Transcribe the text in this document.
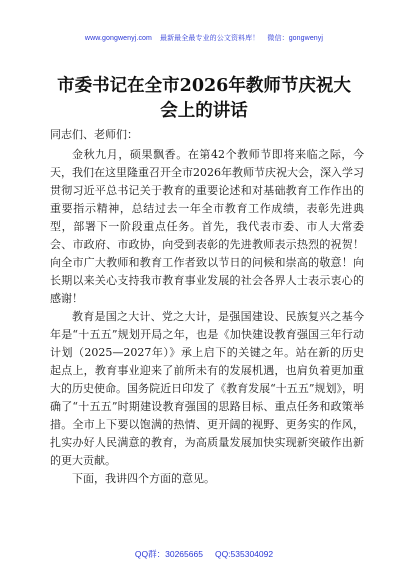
www.gongwenyj.com 最新最全最专业的公文资料库！ 微信：gongwenyj
市委书记在全市2026年教师节庆祝大会上的讲话

同志们、老师们：

金秋九月，硕果飘香。在第42个教师节即将来临之际，今天，我们在这里隆重召开全市2026年教师节庆祝大会，深入学习贯彻习近平总书记关于教育的重要论述和对基础教育工作作出的重要指示精神，总结过去一年全市教育工作成绩，表彰先进典型，部署下一阶段重点任务。首先，我代表市委、市人大常委会、市政府、市政协，向受到表彰的先进教师表示热烈的祝贺！向全市广大教师和教育工作者致以节日的问候和崇高的敬意！向长期以来关心支持我市教育事业发展的社会各界人士表示衷心的感谢！

教育是国之大计、党之大计，是强国建设、民族复兴之基今年是“十五五”规划开局之年，也是《加快建设教育强国三年行动计划（2025—2027年）》承上启下的关键之年。站在新的历史起点上，教育事业迎来了前所未有的发展机遇，也肩负着更加重大的历史使命。国务院近日印发了《教育发展“十五五”规划》，明确了“十五五”时期建设教育强国的思路目标、重点任务和政策举措。全市上下要以饱满的热情、更开阔的视野、更务实的作风，扎实办好人民满意的教育，为高质量发展加快实现新突破作出新的更大贡献。

下面，我讲四个方面的意见。

QQ群：30265665 QQ:535304092
